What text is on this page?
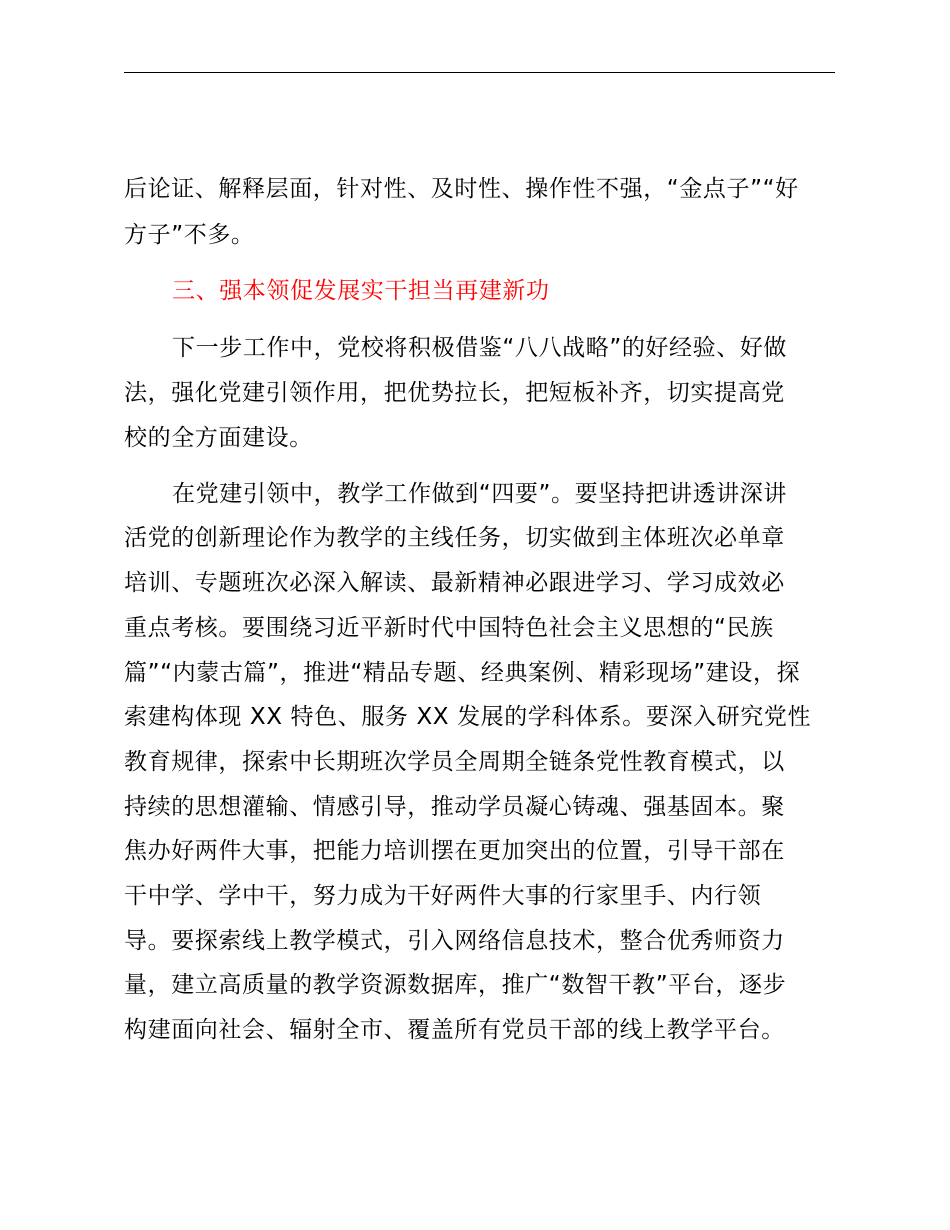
后论证、解释层面，针对性、及时性、操作性不强，“金点子”“好

方子”不多。

三、强本领促发展实干担当再建新功

下一步工作中，党校将积极借鉴“八八战略”的好经验、好做

法，强化党建引领作用，把优势拉长，把短板补齐，切实提高党

校的全方面建设。

在党建引领中，教学工作做到“四要”。要坚持把讲透讲深讲

活党的创新理论作为教学的主线任务，切实做到主体班次必单章

培训、专题班次必深入解读、最新精神必跟进学习、学习成效必

重点考核。要围绕习近平新时代中国特色社会主义思想的“民族

篇”“内蒙古篇”，推进“精品专题、经典案例、精彩现场”建设，探

索建构体现 XX 特色、服务 XX 发展的学科体系。要深入研究党性

教育规律，探索中长期班次学员全周期全链条党性教育模式，以

持续的思想灌输、情感引导，推动学员凝心铸魂、强基固本。聚

焦办好两件大事，把能力培训摆在更加突出的位置，引导干部在

干中学、学中干，努力成为干好两件大事的行家里手、内行领

导。要探索线上教学模式，引入网络信息技术，整合优秀师资力

量，建立高质量的教学资源数据库，推广“数智干教”平台，逐步

构建面向社会、辐射全市、覆盖所有党员干部的线上教学平台。
